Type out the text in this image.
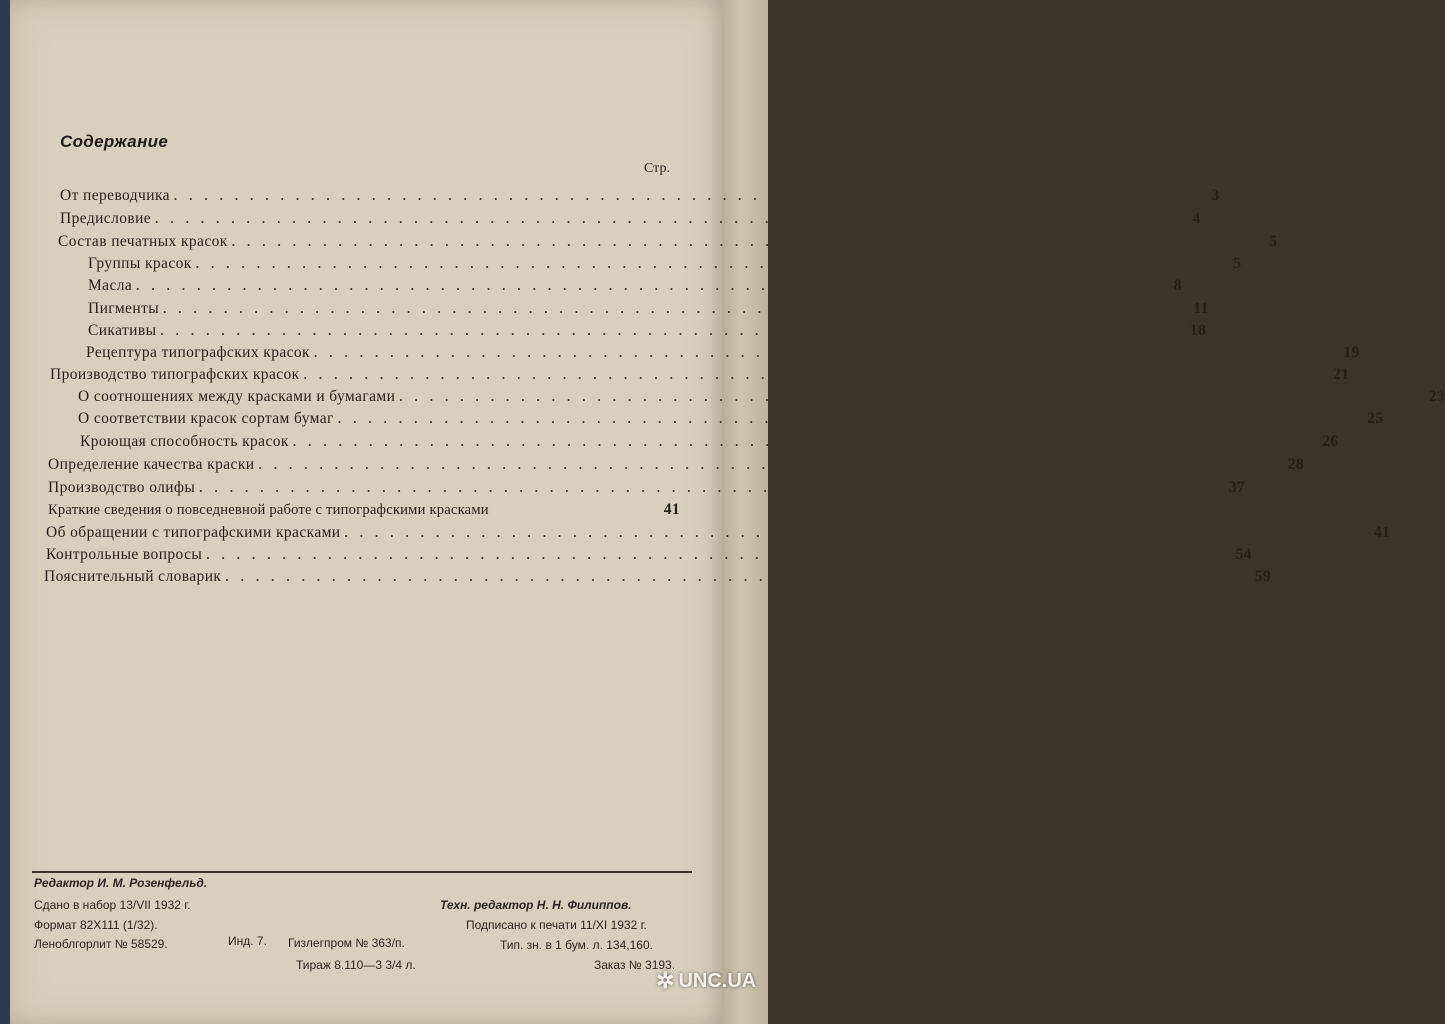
Содержание
Стр.
От переводчика ...................................................................	3
Предисловие ...................................................................	4
Состав печатных красок ...................................................................	5
Группы красок ...................................................................	5
Масла ...................................................................	8
Пигменты ................................................................... 11
Сикативы ................................................................... 18
Рецептура типографских красок ................................................................... 19
Производство типографских красок ................................................................... 21
О соотношениях между красками и бумагами ................................................................... 23
О соответствии красок сортам бумаг ................................................................... 25
Кроющая способность красок ................................................................... 26
Определение качества краски ................................................................... 28
Производство олифы ................................................................... 37
Краткие сведения о повседневной работе с типографскими красками	41
Об обращении с типографскими красками ................................................................... 41
Контрольные вопросы ................................................................... 54
Пояснительный словарик ................................................................... 59
Редактор И. М. Розенфельд.
Сдано в набор 13/VII 1932 г.
Формат 82Х111 (1/32).
Леноблгорлит № 58529.	Инд. 7. Гизлегпром № 363/п.
Тираж 8.110—3 3/4 л.
Техн. редактор Н. Н. Филиппов.
Подписано к печати 11/XI 1932 г.
Тип. зн. в 1 бум. л. 134,160.
Заказ № 3193.
✲ UNC.UA
